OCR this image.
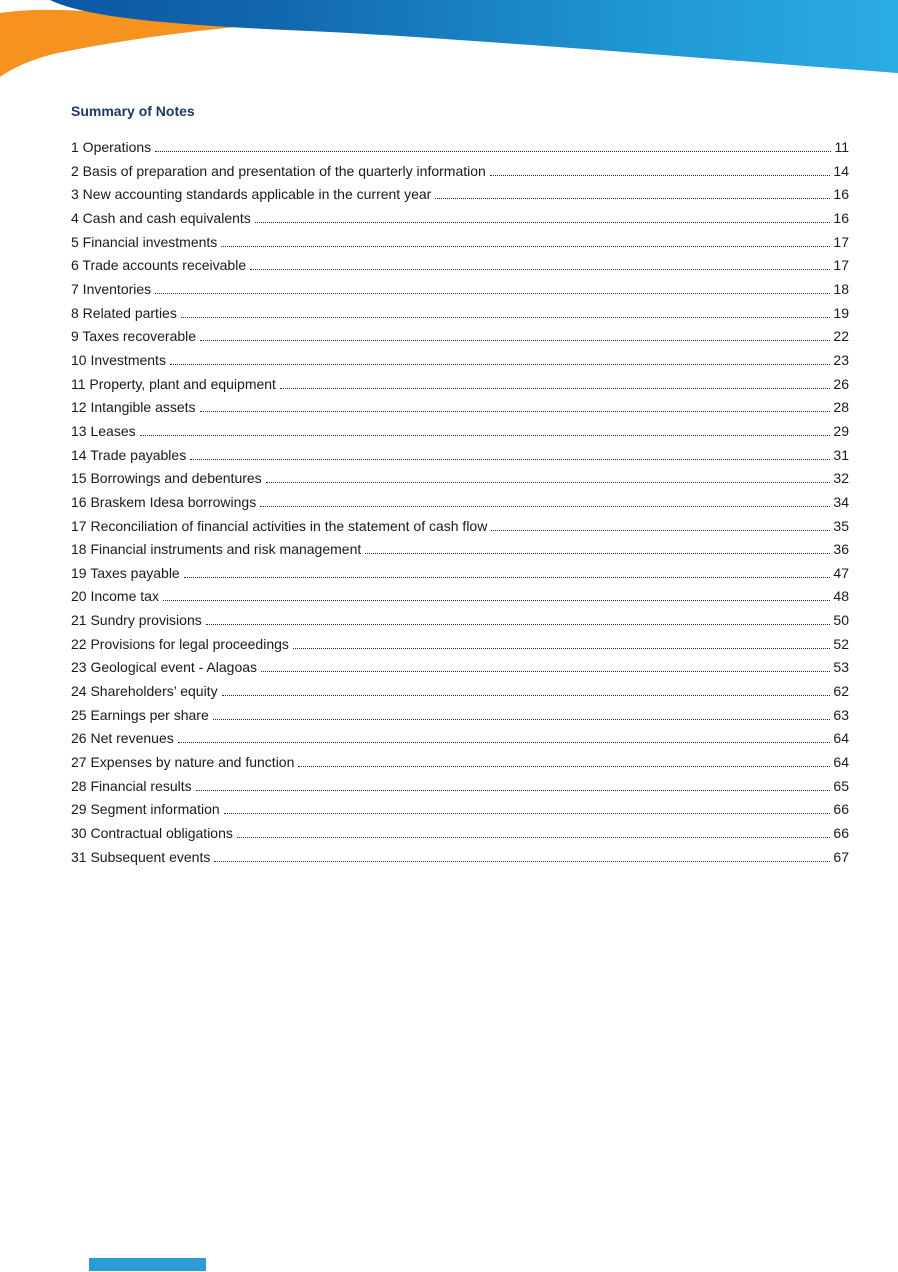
Summary of Notes
1 Operations	11
2 Basis of preparation and presentation of the quarterly information	14
3 New accounting standards applicable in the current year	16
4 Cash and cash equivalents	16
5 Financial investments	17
6 Trade accounts receivable	17
7 Inventories	18
8 Related parties	19
9 Taxes recoverable	22
10 Investments	23
11 Property, plant and equipment	26
12 Intangible assets	28
13 Leases	29
14 Trade payables	31
15 Borrowings and debentures	32
16 Braskem Idesa borrowings	34
17 Reconciliation of financial activities in the statement of cash flow	35
18 Financial instruments and risk management	36
19 Taxes payable	47
20 Income tax	48
21 Sundry provisions	50
22 Provisions for legal proceedings	52
23 Geological event - Alagoas	53
24 Shareholders’ equity	62
25 Earnings per share	63
26 Net revenues	64
27 Expenses by nature and function	64
28 Financial results	65
29 Segment information	66
30 Contractual obligations	66
31 Subsequent events	67
